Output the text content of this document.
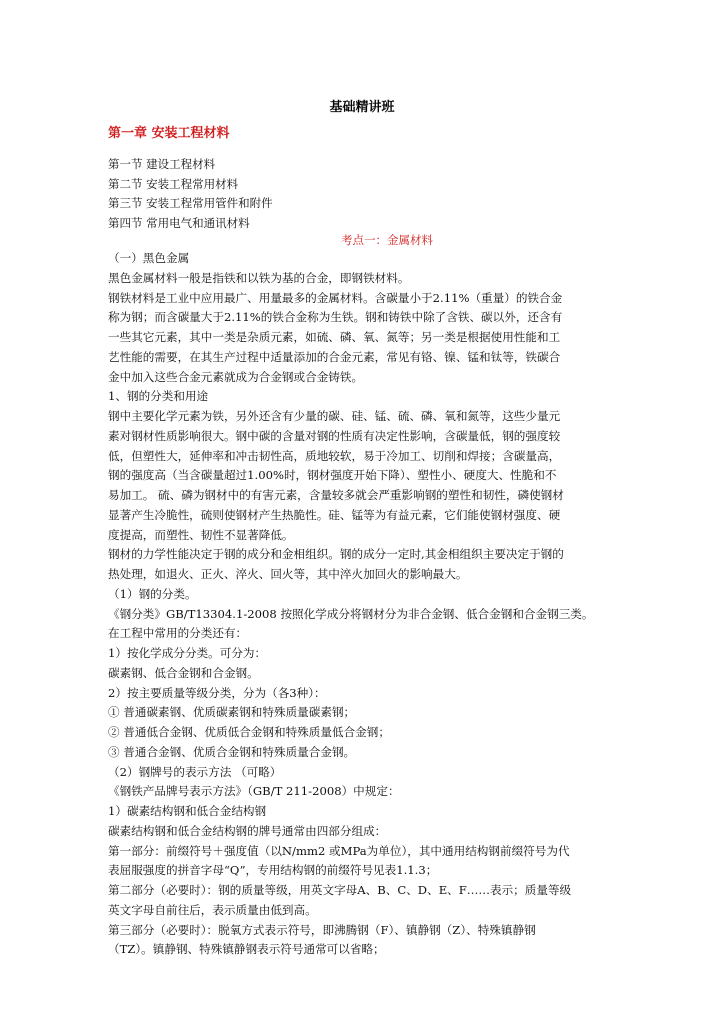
基础精讲班
第一章 安装工程材料
第一节 建设工程材料
第二节 安装工程常用材料
第三节 安装工程常用管件和附件
第四节 常用电气和通讯材料
考点一：金属材料
（一）黑色金属
黑色金属材料一般是指铁和以铁为基的合金，即钢铁材料。
钢铁材料是工业中应用最广、用量最多的金属材料。含碳量小于2.11%（重量）的铁合金
称为钢；而含碳量大于2.11%的铁合金称为生铁。钢和铸铁中除了含铁、碳以外，还含有
一些其它元素，其中一类是杂质元素，如硫、磷、氧、氮等；另一类是根据使用性能和工
艺性能的需要，在其生产过程中适量添加的合金元素，常见有铬、镍、锰和钛等，铁碳合
金中加入这些合金元素就成为合金钢或合金铸铁。
1、钢的分类和用途
钢中主要化学元素为铁，另外还含有少量的碳、硅、锰、硫、磷、氧和氮等，这些少量元
素对钢材性质影响很大。钢中碳的含量对钢的性质有决定性影响，含碳量低，钢的强度较
低，但塑性大，延伸率和冲击韧性高，质地较软，易于冷加工、切削和焊接；含碳量高，
钢的强度高（当含碳量超过1.00%时，钢材强度开始下降）、塑性小、硬度大、性脆和不
易加工。 硫、磷为钢材中的有害元素，含量较多就会严重影响钢的塑性和韧性，磷使钢材
显著产生冷脆性，硫则使钢材产生热脆性。硅、锰等为有益元素，它们能使钢材强度、硬
度提高，而塑性、韧性不显著降低。
钢材的力学性能决定于钢的成分和金相组织。钢的成分一定时,其金相组织主要决定于钢的
热处理，如退火、正火、淬火、回火等，其中淬火加回火的影响最大。
（1）钢的分类。
《钢分类》GB/T13304.1-2008 按照化学成分将钢材分为非合金钢、低合金钢和合金钢三类。
在工程中常用的分类还有：
1）按化学成分分类。可分为：
碳素钢、低合金钢和合金钢。
2）按主要质量等级分类，分为（各3种）：
① 普通碳素钢、优质碳素钢和特殊质量碳素钢；
② 普通低合金钢、优质低合金钢和特殊质量低合金钢；
③ 普通合金钢、优质合金钢和特殊质量合金钢。
（2）钢牌号的表示方法 （可略）
《钢铁产品牌号表示方法》（GB/T 211-2008）中规定：
1）碳素结构钢和低合金结构钢
碳素结构钢和低合金结构钢的牌号通常由四部分组成：
第一部分：前缀符号＋强度值（以N/mm2 或MPa为单位），其中通用结构钢前缀符号为代
表屈服强度的拼音字母“Q”，专用结构钢的前缀符号见表1.1.3；
第二部分（必要时）：钢的质量等级，用英文字母A、B、C、D、E、F……表示；质量等级
英文字母自前往后，表示质量由低到高。
第三部分（必要时）：脱氧方式表示符号，即沸腾钢（F）、镇静钢（Z）、特殊镇静钢
（TZ）。镇静钢、特殊镇静钢表示符号通常可以省略；
